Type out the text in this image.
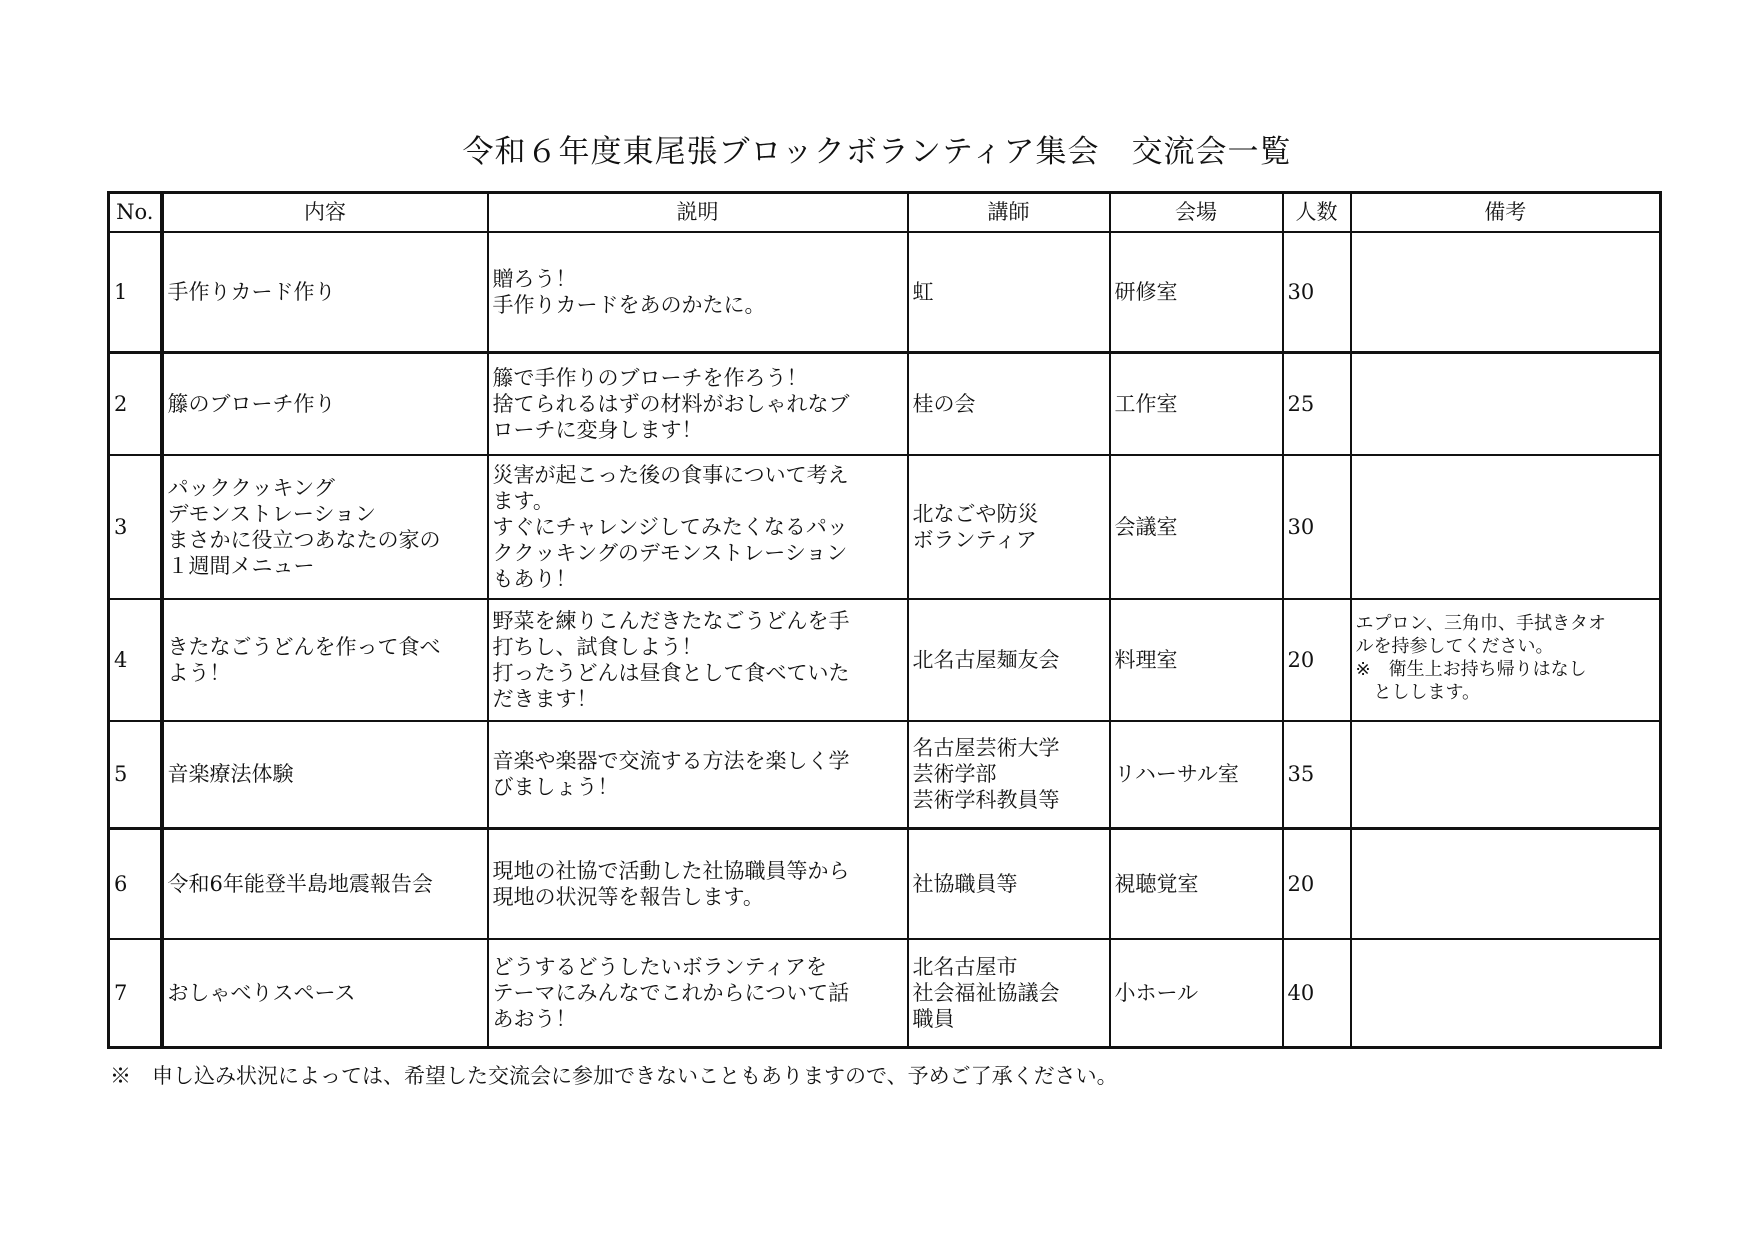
令和６年度東尾張ブロックボランティア集会　交流会一覧
No.	内容	説明	講師	会場	人数	備考
1	手作りカード作り	贈ろう！
手作りカードをあのかたに。	虹	研修室	30	
2	籐のブローチ作り	籐で手作りのブローチを作ろう！
捨てられるはずの材料がおしゃれなブ
ローチに変身します！	桂の会	工作室	25	
3	パッククッキング
デモンストレーション
まさかに役立つあなたの家の
１週間メニュー	災害が起こった後の食事について考え
ます。
すぐにチャレンジしてみたくなるパッ
ククッキングのデモンストレーション
もあり！	北なごや防災
ボランティア	会議室	30	
4	きたなごうどんを作って食べ
よう！	野菜を練りこんだきたなごうどんを手
打ちし、試食しよう！
打ったうどんは昼食として食べていた
だきます！	北名古屋麺友会	料理室	20	エプロン、三角巾、手拭きタオ
ルを持参してください。
※　衛生上お持ち帰りはなし
　としします。
5	音楽療法体験	音楽や楽器で交流する方法を楽しく学
びましょう！	名古屋芸術大学
芸術学部
芸術学科教員等	リハーサル室	35	
6	令和6年能登半島地震報告会	現地の社協で活動した社協職員等から
現地の状況等を報告します。	社協職員等	視聴覚室	20	
7	おしゃべりスペース	どうするどうしたいボランティアを
テーマにみんなでこれからについて話
あおう！	北名古屋市
社会福祉協議会
職員	小ホール	40	
※　申し込み状況によっては、希望した交流会に参加できないこともありますので、予めご了承ください。
